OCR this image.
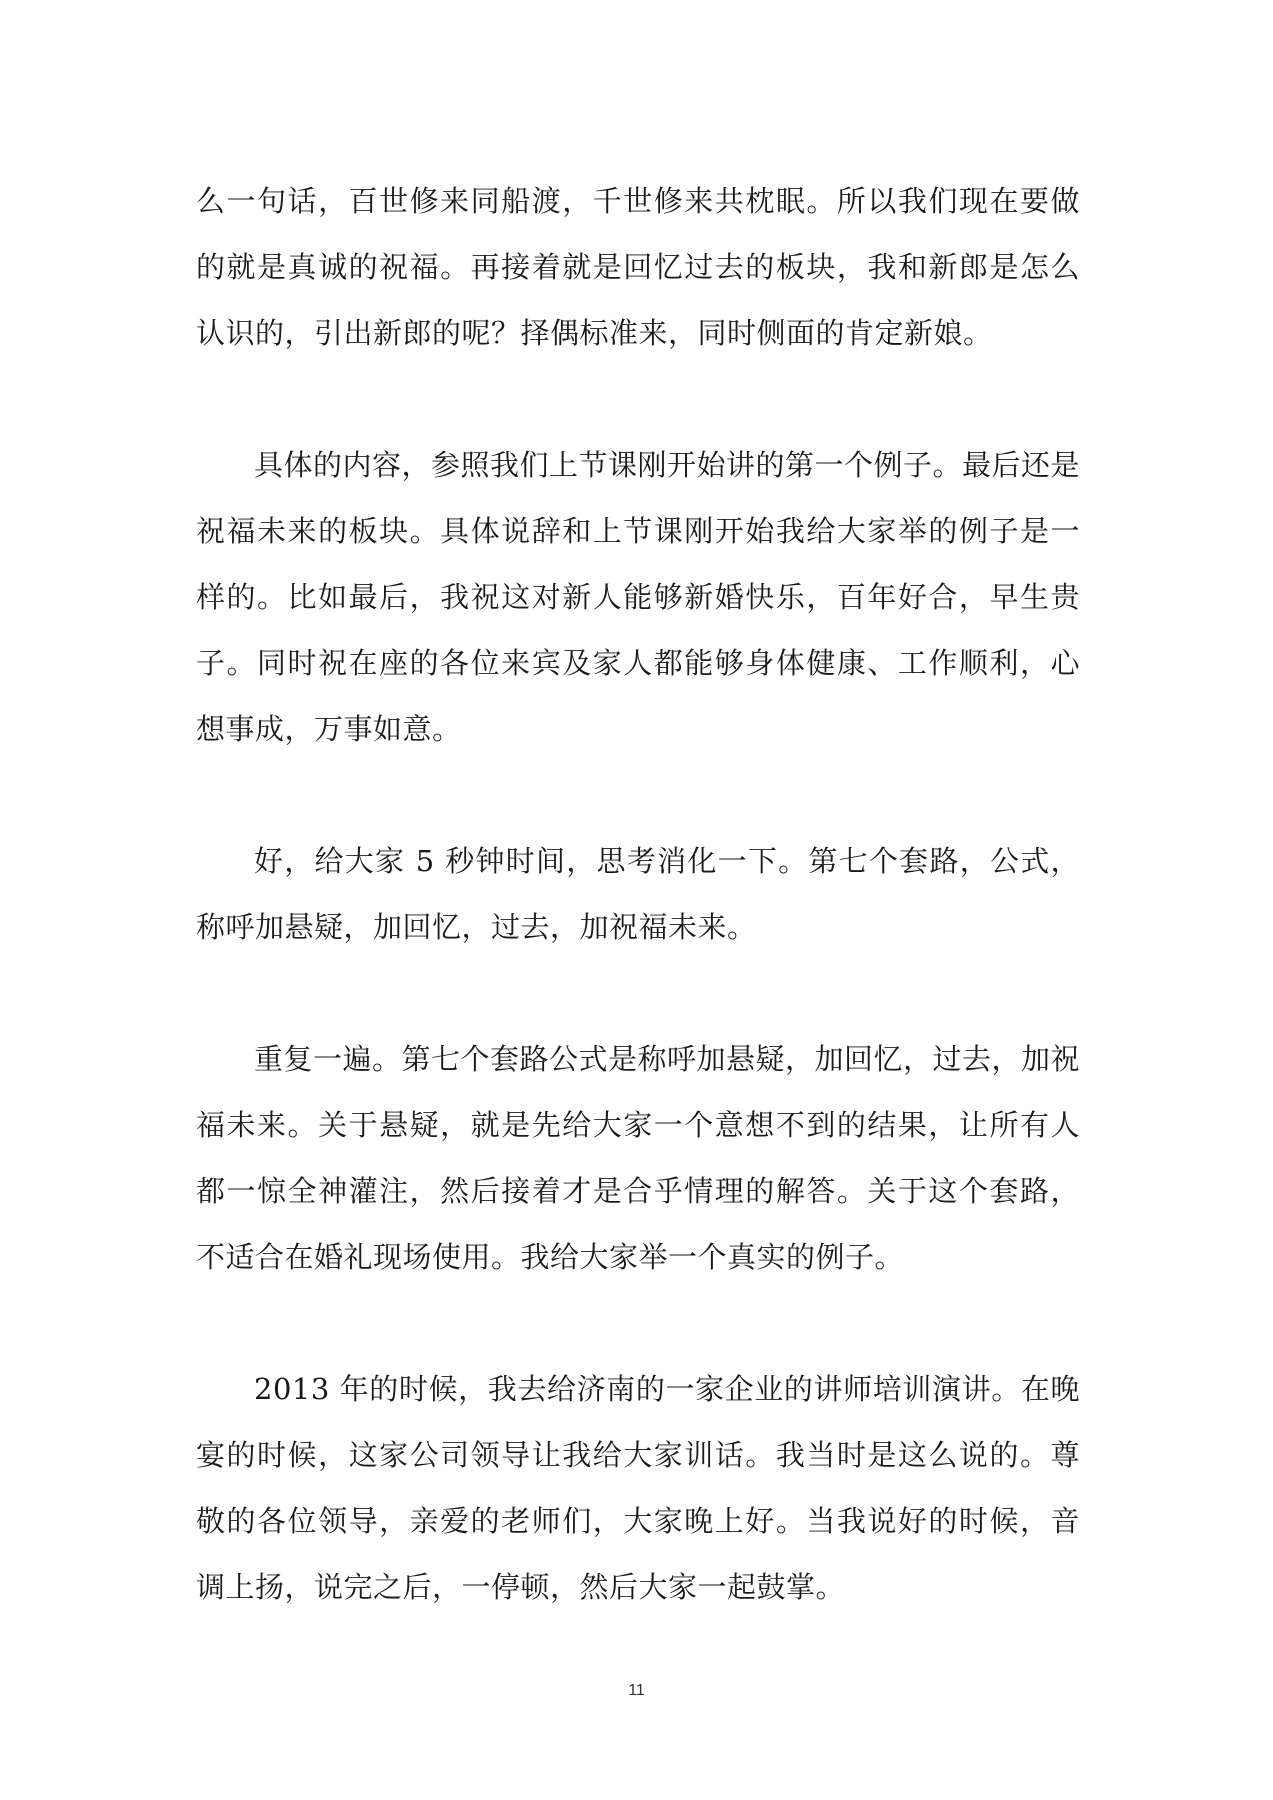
么一句话，百世修来同船渡，千世修来共枕眠。所以我们现在要做的就是真诚的祝福。再接着就是回忆过去的板块，我和新郎是怎么认识的，引出新郎的呢？择偶标准来，同时侧面的肯定新娘。

具体的内容，参照我们上节课刚开始讲的第一个例子。最后还是祝福未来的板块。具体说辞和上节课刚开始我给大家举的例子是一样的。比如最后，我祝这对新人能够新婚快乐，百年好合，早生贵子。同时祝在座的各位来宾及家人都能够身体健康、工作顺利，心想事成，万事如意。

好，给大家 5 秒钟时间，思考消化一下。第七个套路，公式，称呼加悬疑，加回忆，过去，加祝福未来。

重复一遍。第七个套路公式是称呼加悬疑，加回忆，过去，加祝福未来。关于悬疑，就是先给大家一个意想不到的结果，让所有人都一惊全神灌注，然后接着才是合乎情理的解答。关于这个套路，不适合在婚礼现场使用。我给大家举一个真实的例子。

2013 年的时候，我去给济南的一家企业的讲师培训演讲。在晚宴的时候，这家公司领导让我给大家训话。我当时是这么说的。尊敬的各位领导，亲爱的老师们，大家晚上好。当我说好的时候，音调上扬，说完之后，一停顿，然后大家一起鼓掌。

11
